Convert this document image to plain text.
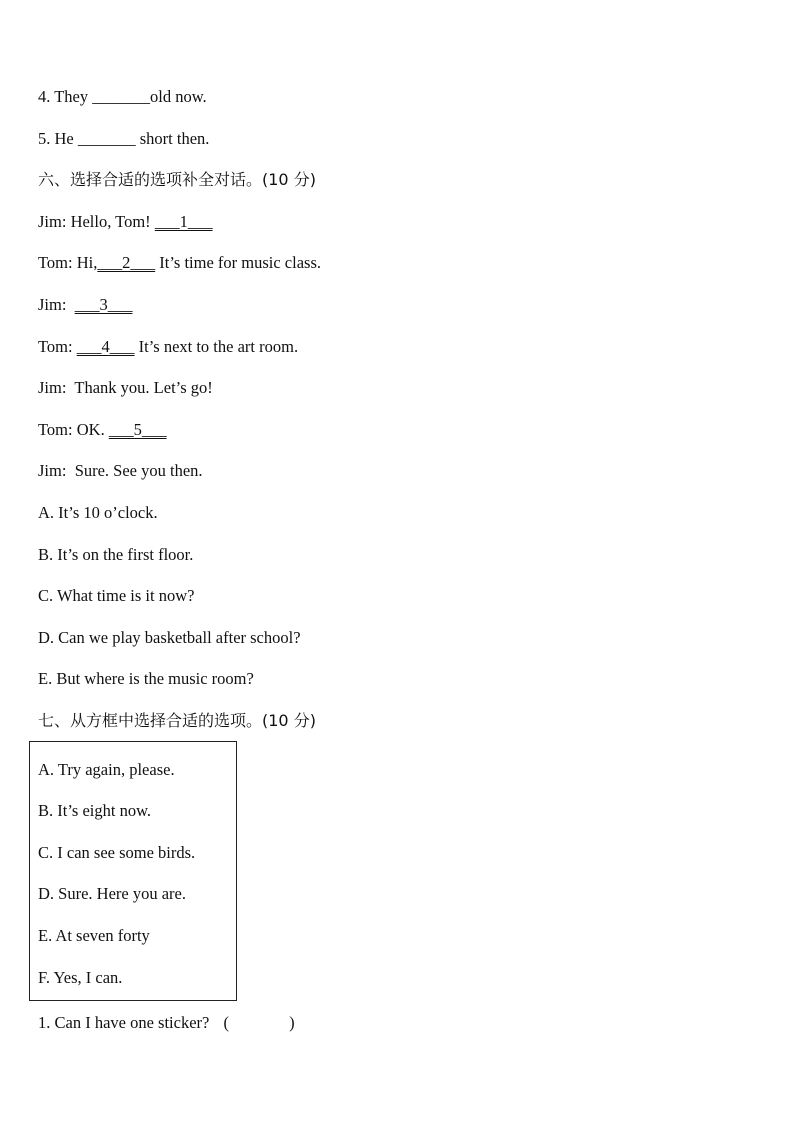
4. They _______old now.
5. He _______ short then.
六、选择合适的选项补全对话。(10 分)
Jim: Hello, Tom! ___1___
Tom: Hi,___2___ It’s time for music class.
Jim: ___3___
Tom: ___4___ It’s next to the art room.
Jim:  Thank you. Let’s go!
Tom: OK. ___5___
Jim:  Sure. See you then.
A. It’s 10 o’clock.
B. It’s on the first floor.
C. What time is it now?
D. Can we play basketball after school?
E. But where is the music room?
七、从方框中选择合适的选项。(10 分)
A. Try again, please.
B. It’s eight now.
C. I can see some birds.
D. Sure. Here you are.
E. At seven forty
F. Yes, I can.
1. Can I have one sticker? (	)
